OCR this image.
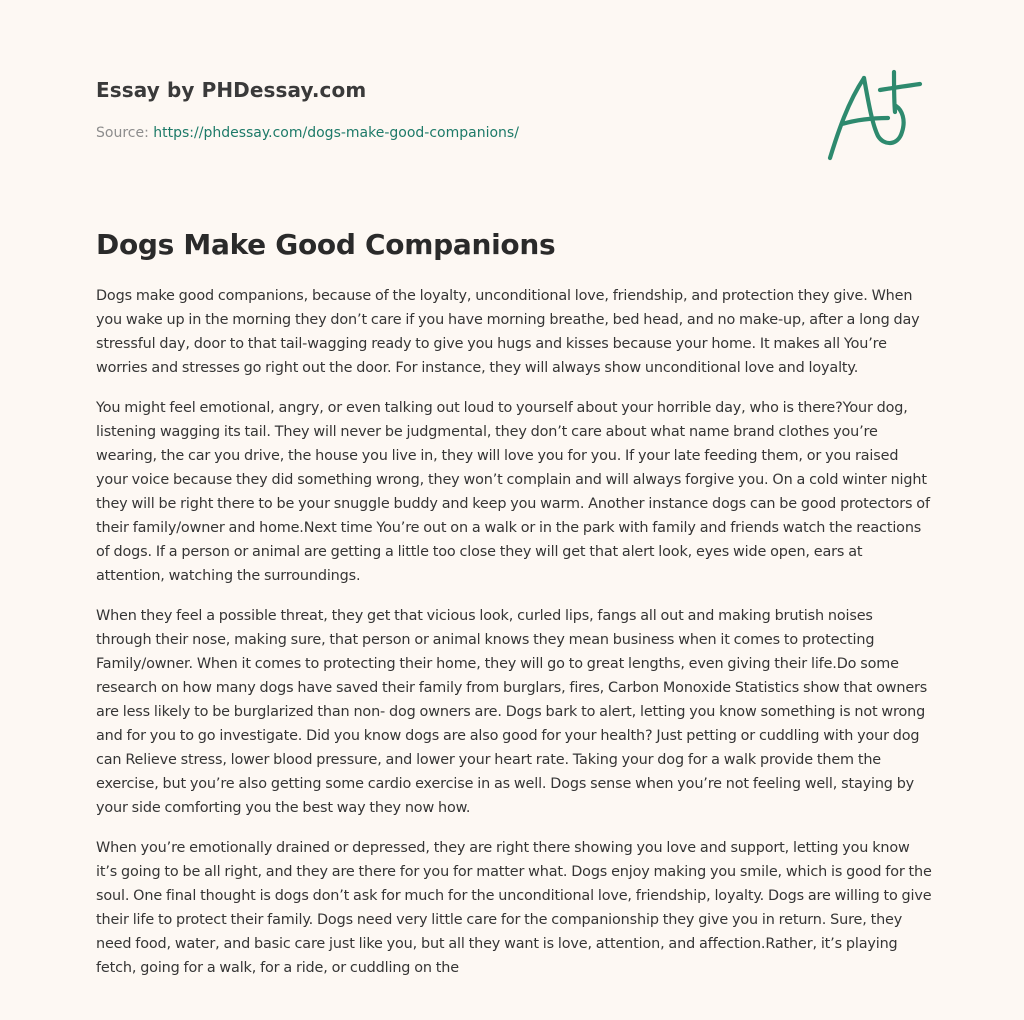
Essay by PHDessay.com
Source: https://phdessay.com/dogs-make-good-companions/
Dogs Make Good Companions

Dogs make good companions, because of the loyalty, unconditional love, friendship, and protection they give. When you wake up in the morning they don’t care if you have morning breathe, bed head, and no make-up, after a long day stressful day, door to that tail-wagging ready to give you hugs and kisses because your home. It makes all You’re worries and stresses go right out the door. For instance, they will always show unconditional love and loyalty.

You might feel emotional, angry, or even talking out loud to yourself about your horrible day, who is there?Your dog, listening wagging its tail. They will never be judgmental, they don’t care about what name brand clothes you’re wearing, the car you drive, the house you live in, they will love you for you. If your late feeding them, or you raised your voice because they did something wrong, they won’t complain and will always forgive you. On a cold winter night they will be right there to be your snuggle buddy and keep you warm. Another instance dogs can be good protectors of their family/owner and home.Next time You’re out on a walk or in the park with family and friends watch the reactions of dogs. If a person or animal are getting a little too close they will get that alert look, eyes wide open, ears at attention, watching the surroundings.

When they feel a possible threat, they get that vicious look, curled lips, fangs all out and making brutish noises through their nose, making sure, that person or animal knows they mean business when it comes to protecting Family/owner. When it comes to protecting their home, they will go to great lengths, even giving their life.Do some research on how many dogs have saved their family from burglars, fires, Carbon Monoxide Statistics show that owners are less likely to be burglarized than non- dog owners are. Dogs bark to alert, letting you know something is not wrong and for you to go investigate. Did you know dogs are also good for your health? Just petting or cuddling with your dog can Relieve stress, lower blood pressure, and lower your heart rate. Taking your dog for a walk provide them the exercise, but you’re also getting some cardio exercise in as well. Dogs sense when you’re not feeling well, staying by your side comforting you the best way they now how.

When you’re emotionally drained or depressed, they are right there showing you love and support, letting you know it’s going to be all right, and they are there for you for matter what. Dogs enjoy making you smile, which is good for the soul. One final thought is dogs don’t ask for much for the unconditional love, friendship, loyalty. Dogs are willing to give their life to protect their family. Dogs need very little care for the companionship they give you in return. Sure, they need food, water, and basic care just like you, but all they want is love, attention, and affection.Rather, it’s playing fetch, going for a walk, for a ride, or cuddling on the
